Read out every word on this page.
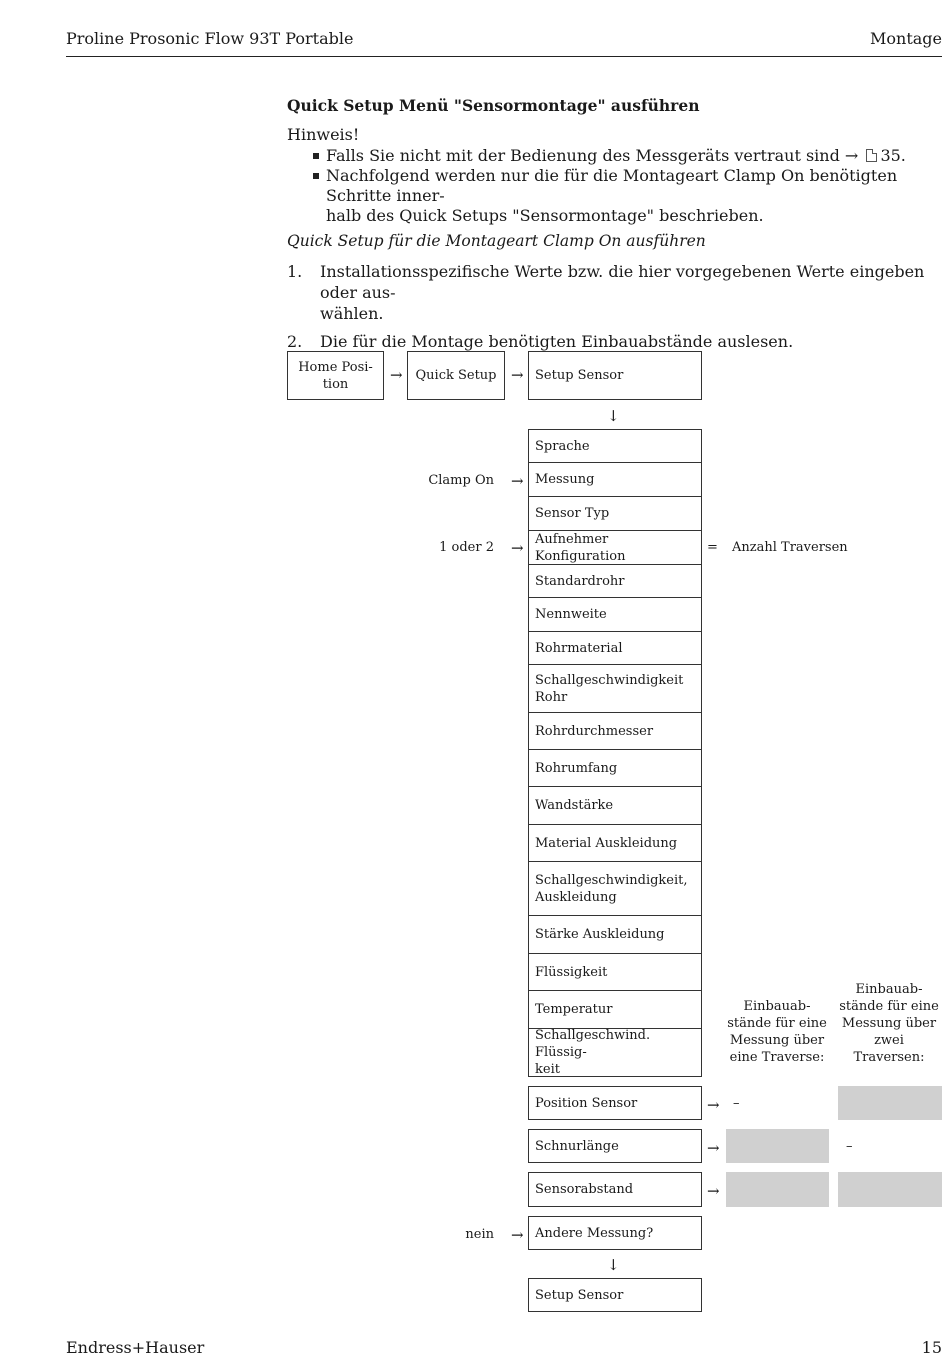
Proline Prosonic Flow 93T Portable	Montage
Quick Setup Menü "Sensormontage" ausführen
Hinweis!
Falls Sie nicht mit der Bedienung des Messgeräts vertraut sind → 35.
Nachfolgend werden nur die für die Montageart Clamp On benötigten Schritte inner-
halb des Quick Setups "Sensormontage" beschrieben.
Quick Setup für die Montageart Clamp On ausführen
1. Installationsspezifische Werte bzw. die hier vorgegebenen Werte eingeben oder aus-
wählen.
2. Die für die Montage benötigten Einbauabstände auslesen.
Home Posi-
tion	→ Quick Setup → Setup Sensor
↓
Sprache
Messung
Sensor Typ
Aufnehmer Konfiguration
Standardrohr
Nennweite
Rohrmaterial
Schallgeschwindigkeit
Rohr
Rohrdurchmesser
Rohrumfang
Wandstärke
Material Auskleidung
Schallgeschwindigkeit,
Auskleidung
Stärke Auskleidung
Flüssigkeit
Temperatur
Schallgeschwind. Flüssig-
keit
Clamp On →
1 oder 2 →	= Anzahl Traversen
Einbauab-
stände für eine
Messung über
eine Traverse:
Einbauab-
stände für eine
Messung über
zwei
Traversen:
Position Sensor	→ –
Schnurlänge	→	–
Sensorabstand	→
nein → Andere Messung?
↓
Setup Sensor
Endress+Hauser	15
